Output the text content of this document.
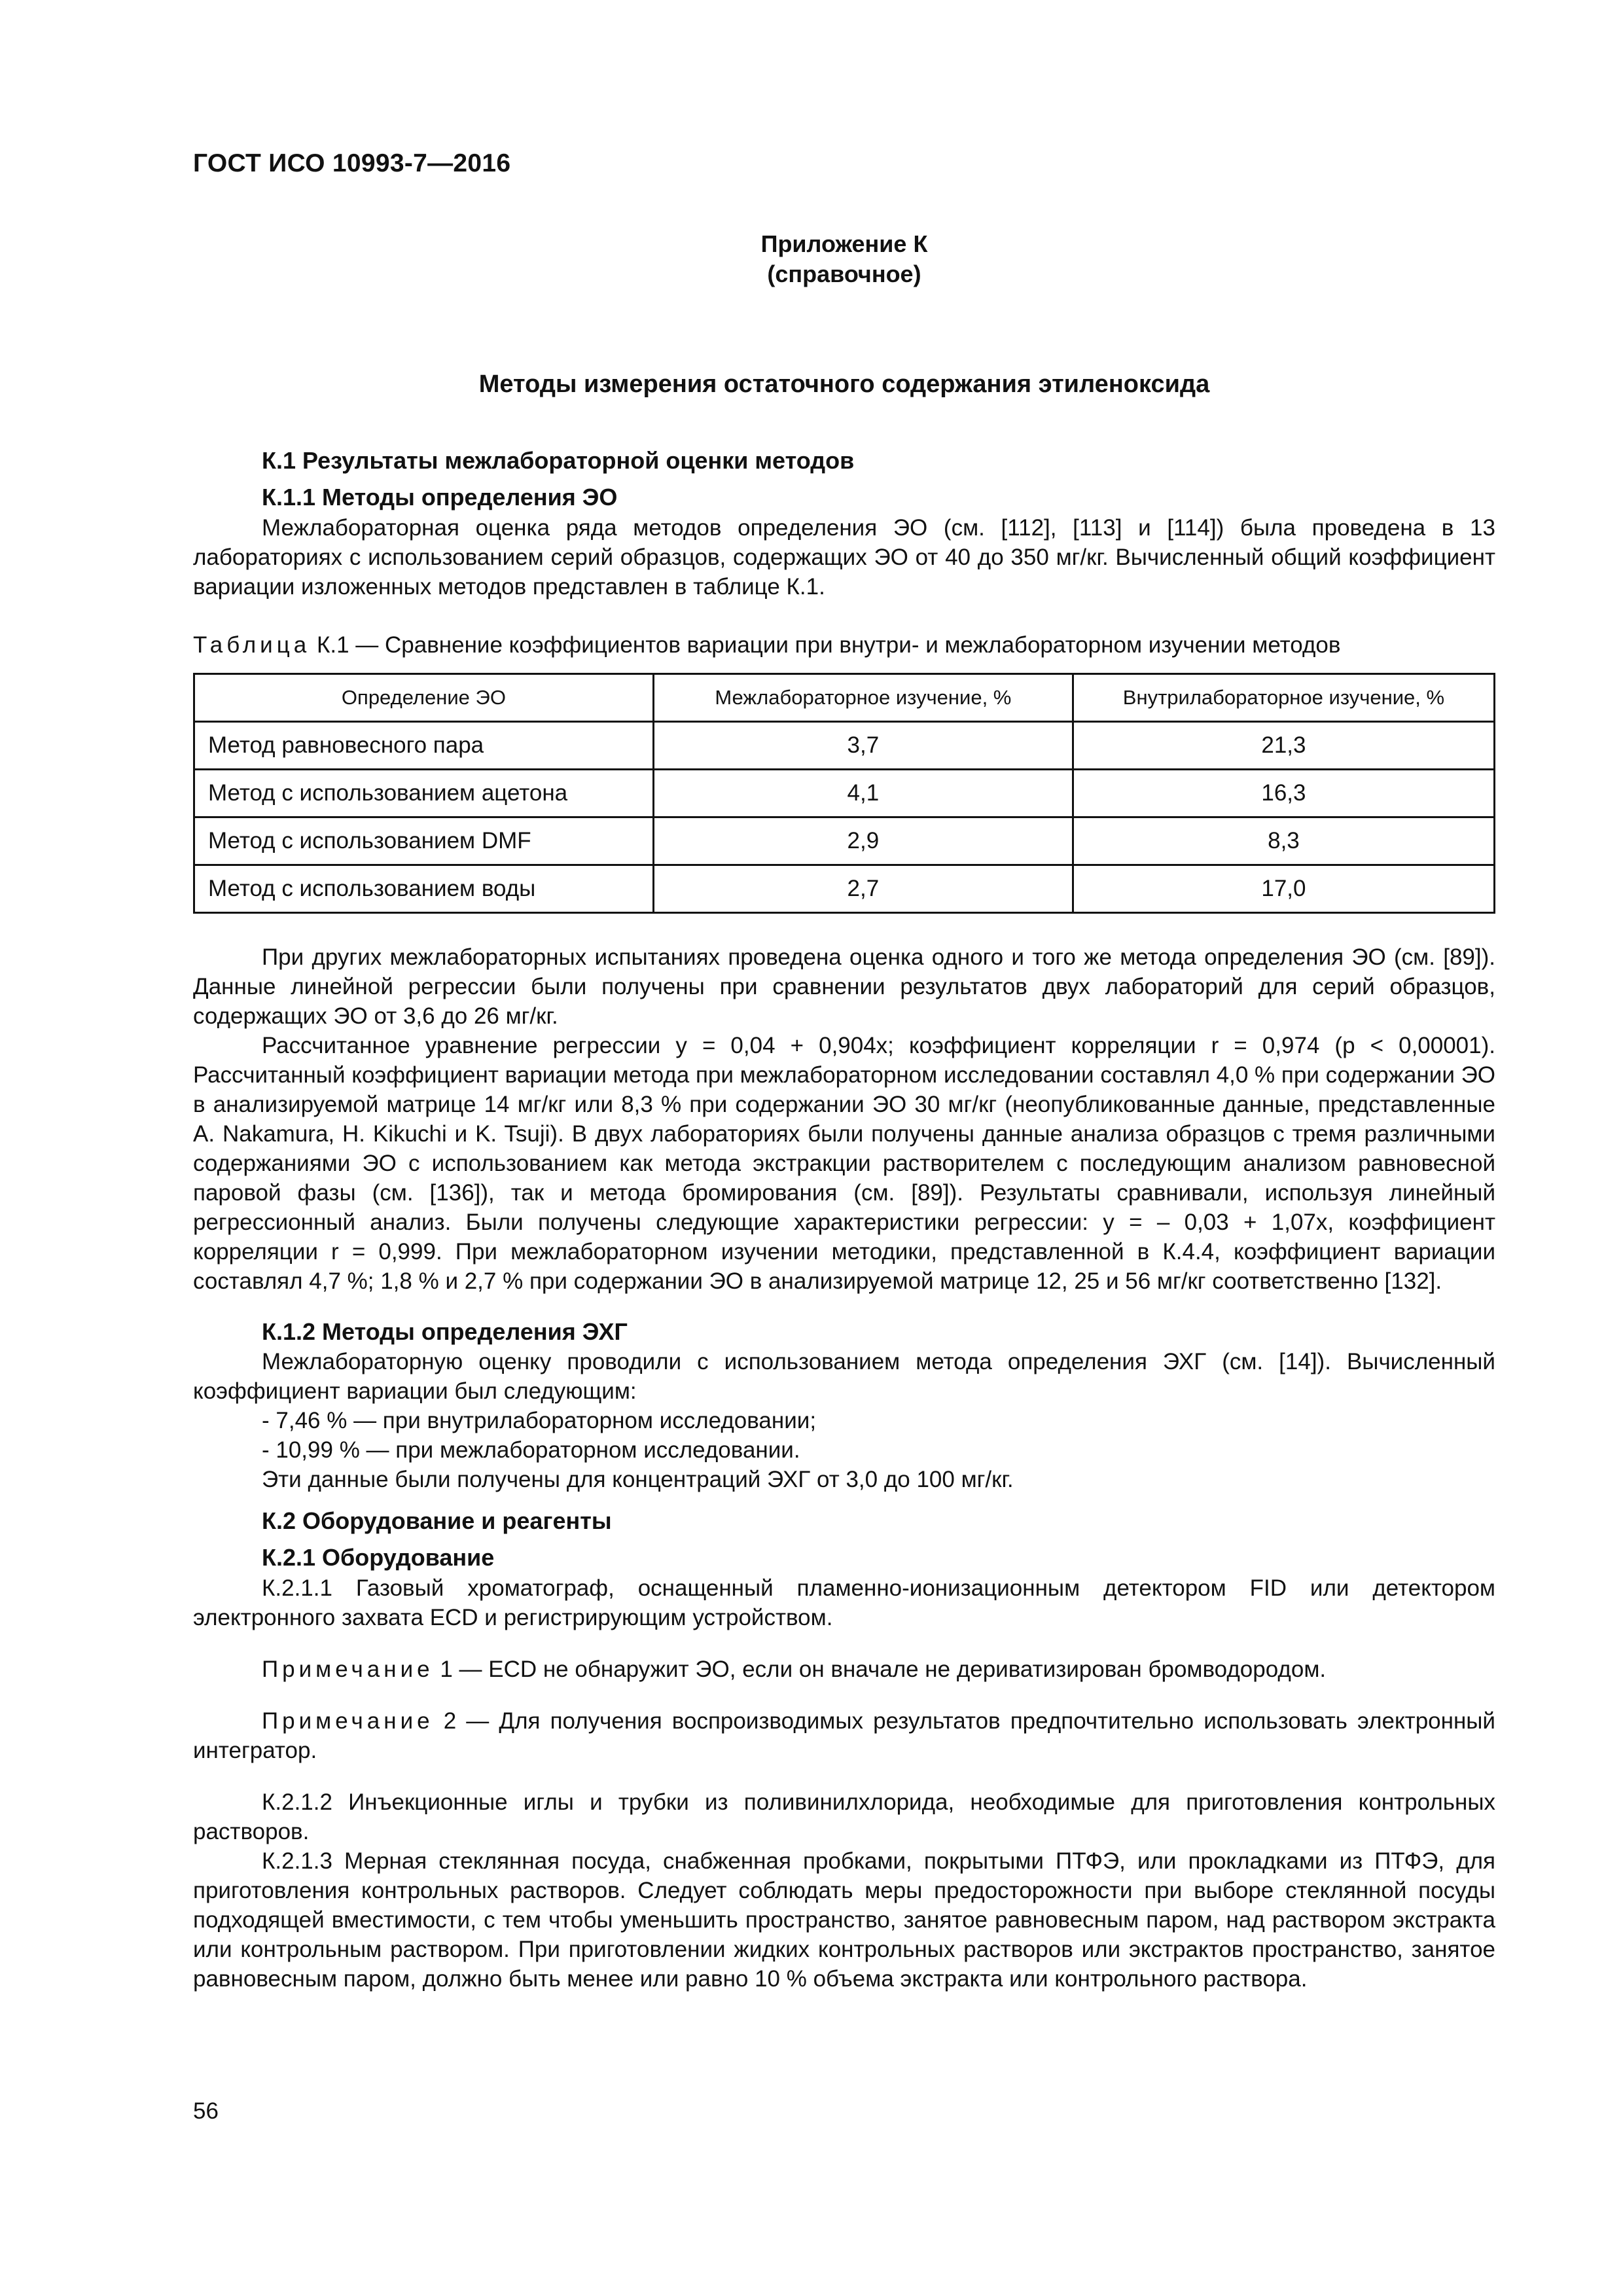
ГОСТ ИСО 10993-7—2016
Приложение К
(справочное)
Методы измерения остаточного содержания этиленоксида

К.1 Результаты межлабораторной оценки методов

К.1.1 Методы определения ЭО

Межлабораторная оценка ряда методов определения ЭО (см. [112], [113] и [114]) была проведена в 13 лабораториях с использованием серий образцов, содержащих ЭО от 40 до 350 мг/кг. Вычисленный общий коэффициент вариации изложенных методов представлен в таблице К.1.

Таблица К.1 — Сравнение коэффициентов вариации при внутри- и межлабораторном изучении методов
Определение ЭО	Межлабораторное изучение, %	Внутрилабораторное изучение, %
Метод равновесного пара	3,7	21,3
Метод с использованием ацетона	4,1	16,3
Метод с использованием DMF	2,9	8,3
Метод с использованием воды	2,7	17,0

При других межлабораторных испытаниях проведена оценка одного и того же метода определения ЭО (см. [89]). Данные линейной регрессии были получены при сравнении результатов двух лабораторий для серий образцов, содержащих ЭО от 3,6 до 26 мг/кг.

Рассчитанное уравнение регрессии y = 0,04 + 0,904x; коэффициент корреляции r = 0,974 (p < 0,00001). Рассчитанный коэффициент вариации метода при межлабораторном исследовании составлял 4,0 % при содержании ЭО в анализируемой матрице 14 мг/кг или 8,3 % при содержании ЭО 30 мг/кг (неопубликованные данные, представленные A. Nakamura, H. Kikuchi и K. Tsuji). В двух лабораториях были получены данные анализа образцов с тремя различными содержаниями ЭО с использованием как метода экстракции растворителем с последующим анализом равновесной паровой фазы (см. [136]), так и метода бромирования (см. [89]). Результаты сравнивали, используя линейный регрессионный анализ. Были получены следующие характеристики регрессии: y = – 0,03 + 1,07x, коэффициент корреляции r = 0,999. При межлабораторном изучении методики, представленной в К.4.4, коэффициент вариации составлял 4,7 %; 1,8 % и 2,7 % при содержании ЭО в анализируемой матрице 12, 25 и 56 мг/кг соответственно [132].

К.1.2 Методы определения ЭХГ

Межлабораторную оценку проводили с использованием метода определения ЭХГ (см. [14]). Вычисленный коэффициент вариации был следующим:

- 7,46 % — при внутрилабораторном исследовании;
- 10,99 % — при межлабораторном исследовании.

Эти данные были получены для концентраций ЭХГ от 3,0 до 100 мг/кг.

К.2 Оборудование и реагенты

К.2.1 Оборудование

К.2.1.1 Газовый хроматограф, оснащенный пламенно-ионизационным детектором FID или детектором электронного захвата ECD и регистрирующим устройством.

Примечание 1 — ECD не обнаружит ЭО, если он вначале не дериватизирован бромводородом.

Примечание 2 — Для получения воспроизводимых результатов предпочтительно использовать электронный интегратор.

К.2.1.2 Инъекционные иглы и трубки из поливинилхлорида, необходимые для приготовления контрольных растворов.

К.2.1.3 Мерная стеклянная посуда, снабженная пробками, покрытыми ПТФЭ, или прокладками из ПТФЭ, для приготовления контрольных растворов. Следует соблюдать меры предосторожности при выборе стеклянной посуды подходящей вместимости, с тем чтобы уменьшить пространство, занятое равновесным паром, над раствором экстракта или контрольным раствором. При приготовлении жидких контрольных растворов или экстрактов пространство, занятое равновесным паром, должно быть менее или равно 10 % объема экстракта или контрольного раствора.

56
